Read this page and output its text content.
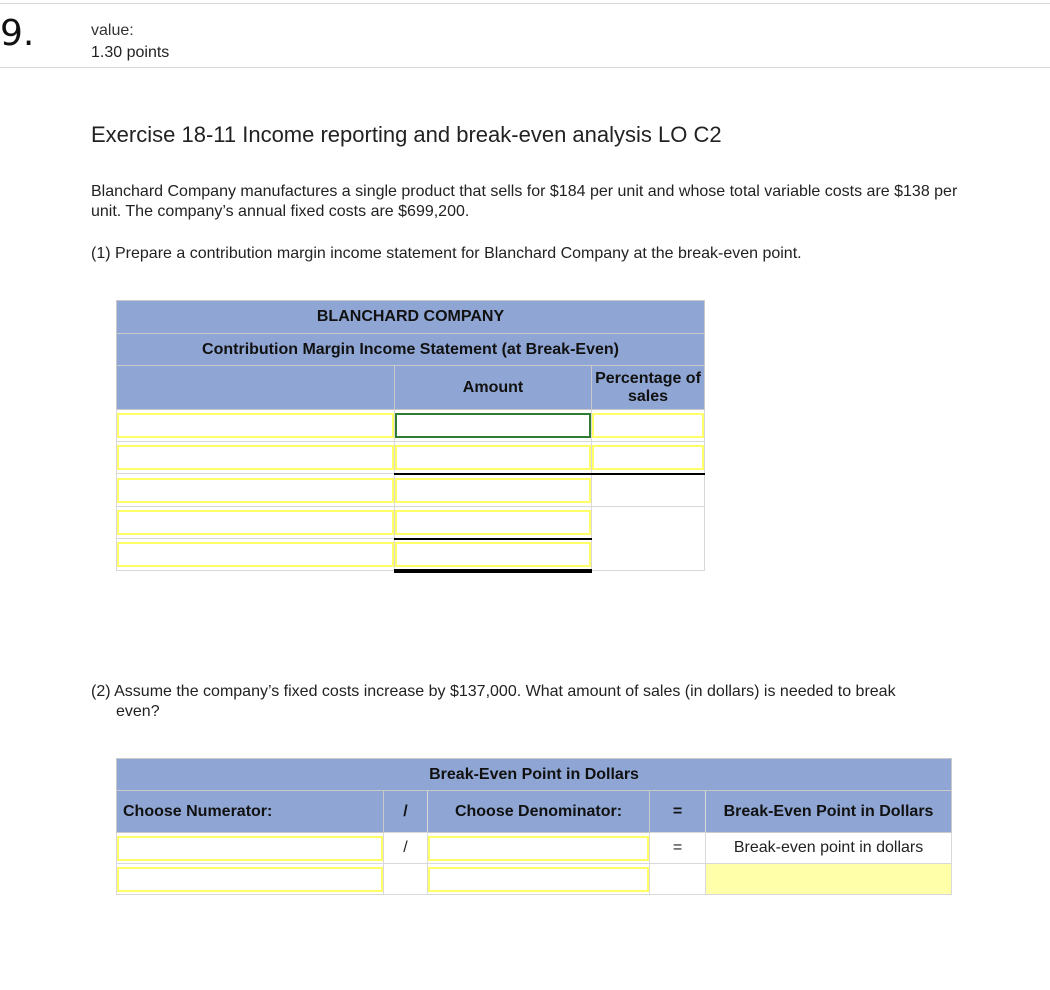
9.	value:
1.30 points
Exercise 18-11 Income reporting and break-even analysis LO C2
Blanchard Company manufactures a single product that sells for $184 per unit and whose total variable costs are $138 per unit. The company’s annual fixed costs are $699,200.
(1) Prepare a contribution margin income statement for Blanchard Company at the break-even point.
BLANCHARD COMPANY		
Contribution Margin Income Statement (at Break-Even)		
	Amount	Percentage of sales

(2) Assume the company’s fixed costs increase by $137,000. What amount of sales (in dollars) is needed to break even?
Break-Even Point in Dollars				
Choose Numerator:	/	Choose Denominator:	=	Break-Even Point in Dollars

	/		=	Break-even point in dollars
